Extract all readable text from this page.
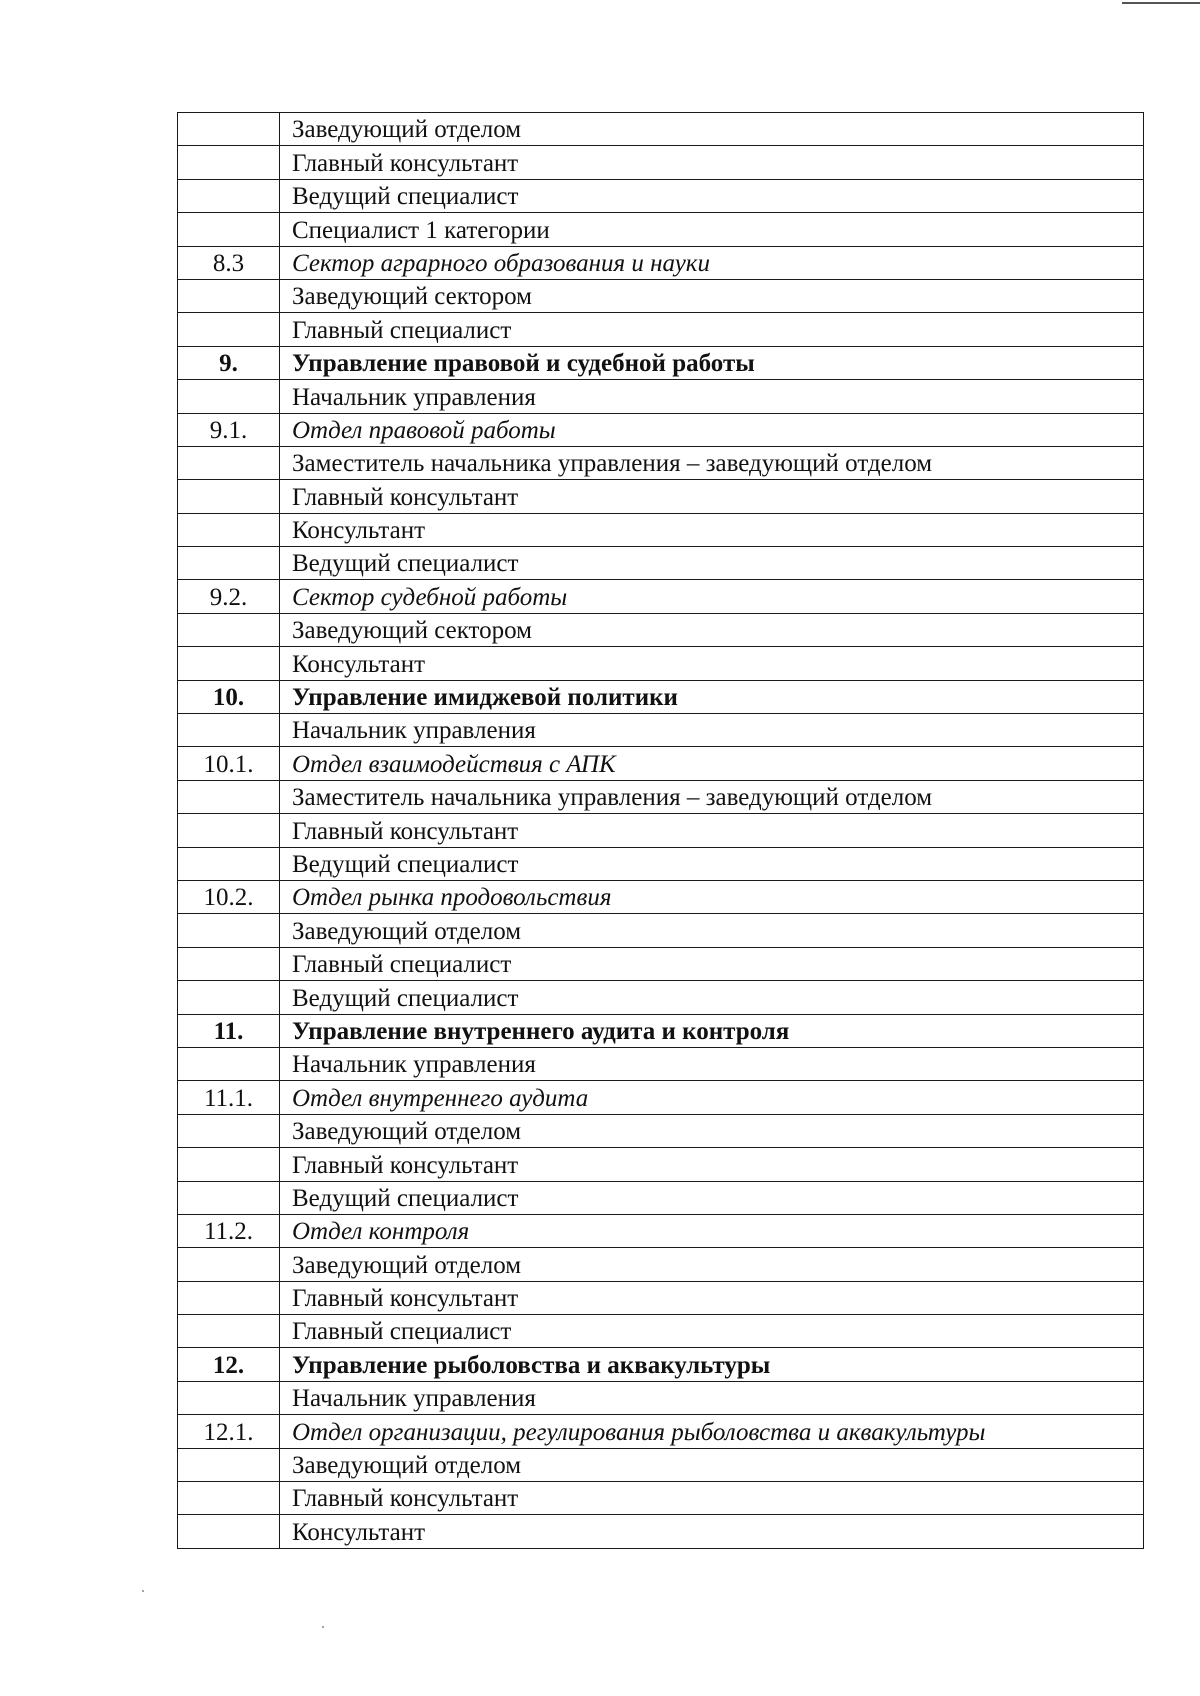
	Заведующий отделом
	Главный консультант
	Ведущий специалист
	Специалист 1 категории
8.3	Сектор аграрного образования и науки
	Заведующий сектором
	Главный специалист
9.	Управление правовой и судебной работы
	Начальник управления
9.1.	Отдел правовой работы
	Заместитель начальника управления – заведующий отделом
	Главный консультант
	Консультант
	Ведущий специалист
9.2.	Сектор судебной работы
	Заведующий сектором
	Консультант
10.	Управление имиджевой политики
	Начальник управления
10.1.	Отдел взаимодействия с АПК
	Заместитель начальника управления – заведующий отделом
	Главный консультант
	Ведущий специалист
10.2.	Отдел рынка продовольствия
	Заведующий отделом
	Главный специалист
	Ведущий специалист
11.	Управление внутреннего аудита и контроля
	Начальник управления
11.1.	Отдел внутреннего аудита
	Заведующий отделом
	Главный консультант
	Ведущий специалист
11.2.	Отдел контроля
	Заведующий отделом
	Главный консультант
	Главный специалист
12.	Управление рыболовства и аквакультуры
	Начальник управления
12.1.	Отдел организации, регулирования рыболовства и аквакультуры
	Заведующий отделом
	Главный консультант
	Консультант
